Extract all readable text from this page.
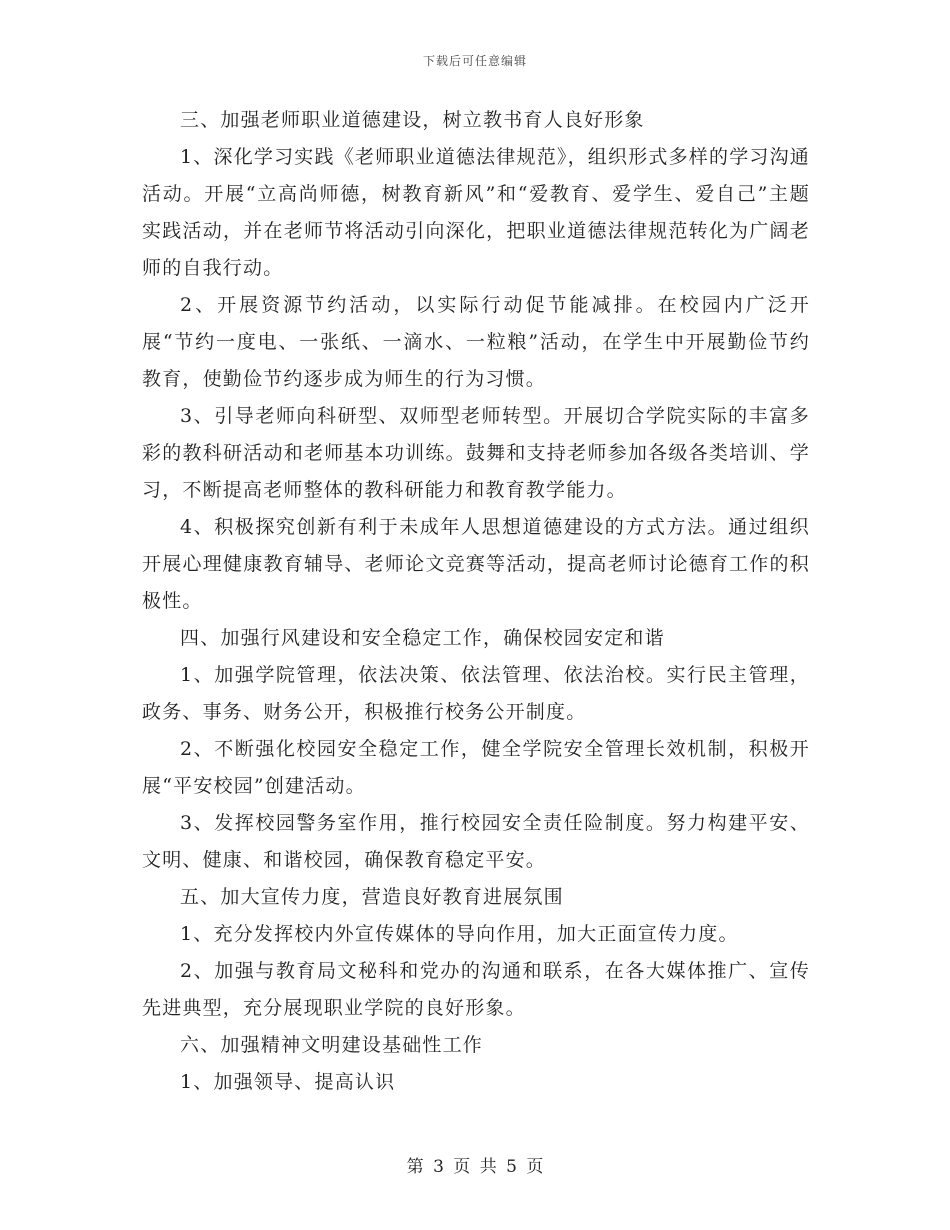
下载后可任意编辑

三、加强老师职业道德建设，树立教书育人良好形象

1、深化学习实践《老师职业道德法律规范》，组织形式多样的学习沟通活动。开展“立高尚师德，树教育新风”和“爱教育、爱学生、爱自己”主题实践活动，并在老师节将活动引向深化，把职业道德法律规范转化为广阔老师的自我行动。

2、开展资源节约活动，以实际行动促节能减排。在校园内广泛开展“节约一度电、一张纸、一滴水、一粒粮”活动，在学生中开展勤俭节约教育，使勤俭节约逐步成为师生的行为习惯。

3、引导老师向科研型、双师型老师转型。开展切合学院实际的丰富多彩的教科研活动和老师基本功训练。鼓舞和支持老师参加各级各类培训、学习，不断提高老师整体的教科研能力和教育教学能力。

4、积极探究创新有利于未成年人思想道德建设的方式方法。通过组织开展心理健康教育辅导、老师论文竞赛等活动，提高老师讨论德育工作的积极性。

四、加强行风建设和安全稳定工作，确保校园安定和谐

1、加强学院管理，依法决策、依法管理、依法治校。实行民主管理，政务、事务、财务公开，积极推行校务公开制度。

2、不断强化校园安全稳定工作，健全学院安全管理长效机制，积极开展“平安校园”创建活动。

3、发挥校园警务室作用，推行校园安全责任险制度。努力构建平安、文明、健康、和谐校园，确保教育稳定平安。

五、加大宣传力度，营造良好教育进展氛围

1、充分发挥校内外宣传媒体的导向作用，加大正面宣传力度。

2、加强与教育局文秘科和党办的沟通和联系，在各大媒体推广、宣传先进典型，充分展现职业学院的良好形象。

六、加强精神文明建设基础性工作

1、加强领导、提高认识

第 3 页 共 5 页
